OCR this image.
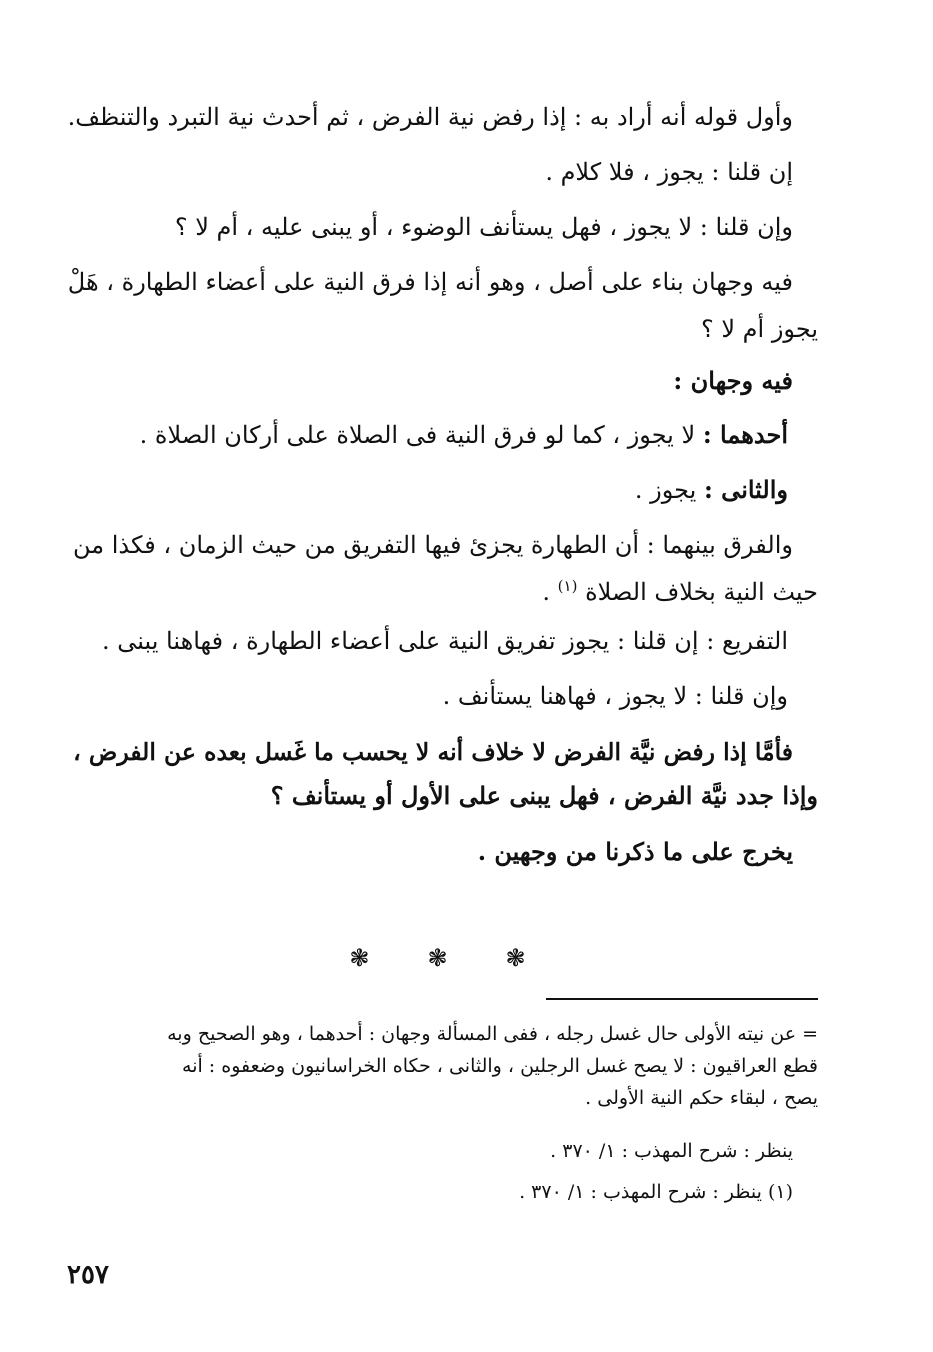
وأول قوله أنه أراد به : إذا رفض نية الفرض ، ثم أحدث نية التبرد والتنظف.

إن قلنا : يجوز ، فلا كلام .

وإن قلنا : لا يجوز ، فهل يستأنف الوضوء ، أو يبنى عليه ، أم لا ؟

فيه وجهان بناء على أصل ، وهو أنه إذا فرق النية على أعضاء الطهارة ، هَلْ

يجوز أم لا ؟

فيه وجهان :

أحدهما : لا يجوز ، كما لو فرق النية فى الصلاة على أركان الصلاة .

والثانى : يجوز .

والفرق بينهما : أن الطهارة يجزئ فيها التفريق من حيث الزمان ، فكذا من

حيث النية بخلاف الصلاة $^{(١)}$ .

التفريع : إن قلنا : يجوز تفريق النية على أعضاء الطهارة ، فهاهنا يبنى .

وإن قلنا : لا يجوز ، فهاهنا يستأنف .

فأمَّا إذا رفض نيَّة الفرض لا خلاف أنه لا يحسب ما غَسل بعده عن الفرض ،

وإذا جدد نيَّة الفرض ، فهل يبنى على الأول أو يستأنف ؟

يخرج على ما ذكرنا من وجهين .

❃❃❃

= عن نيته الأولى حال غسل رجله ، ففى المسألة وجهان : أحدهما ، وهو الصحيح وبه

قطع العراقيون : لا يصح غسل الرجلين ، والثانى ، حكاه الخراسانيون وضعفوه : أنه

يصح ، لبقاء حكم النية الأولى .

ينظر : شرح المهذب : ١/ ٣٧٠ .

(١) ينظر : شرح المهذب : ١/ ٣٧٠ .

٢٥٧
